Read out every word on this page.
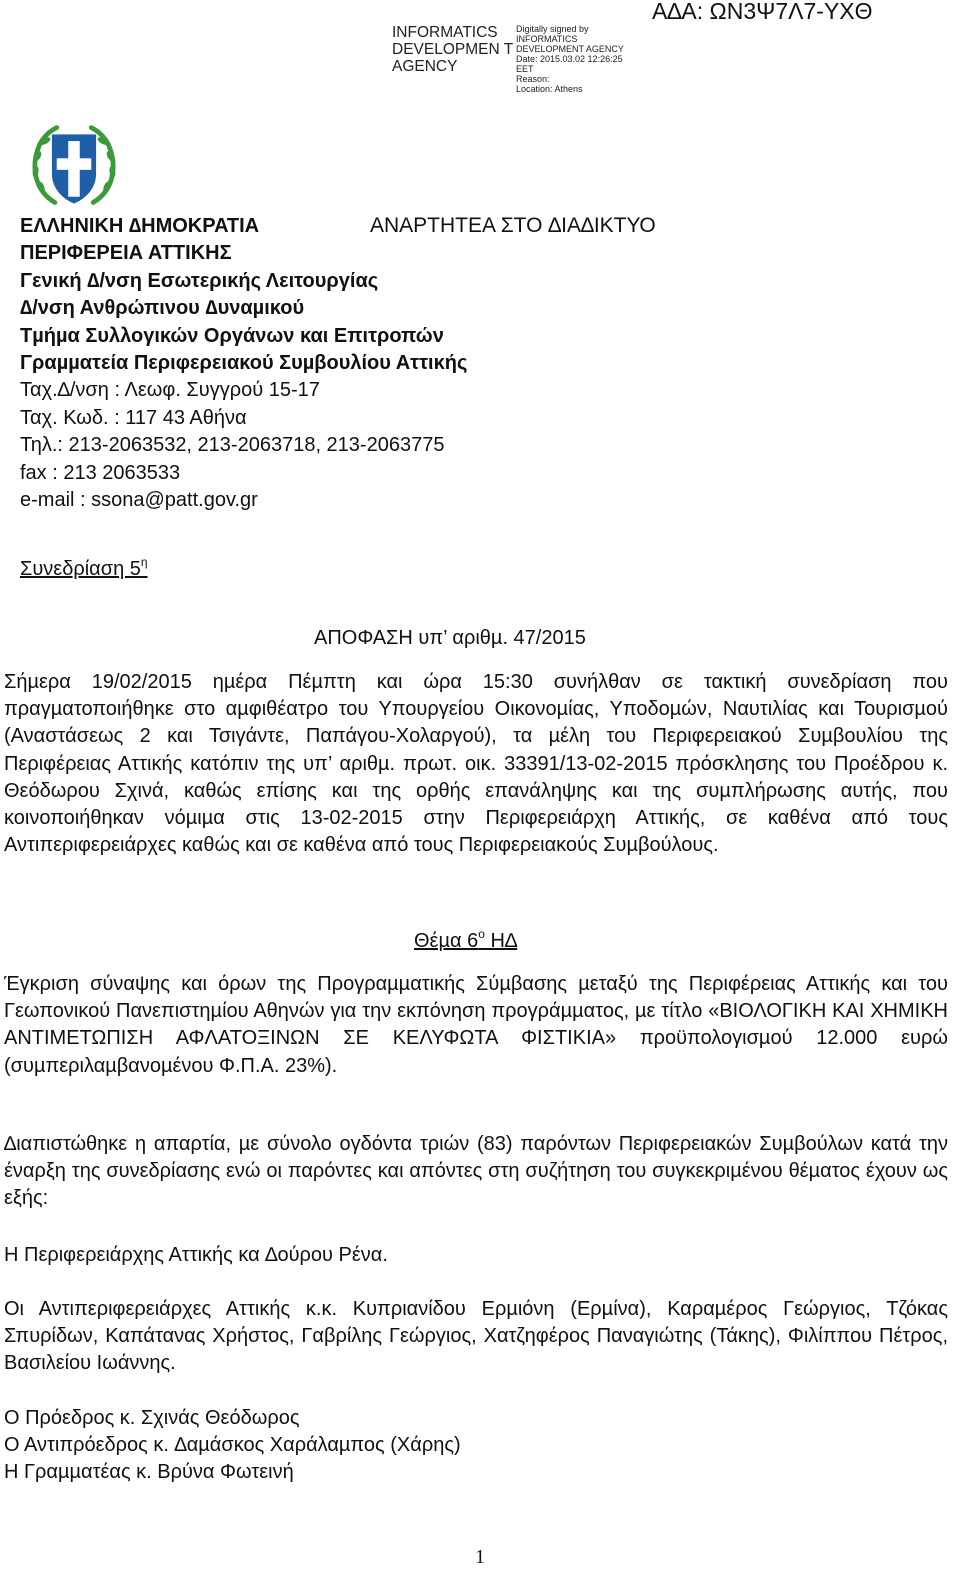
INFORMATICS DEVELOPMEN T AGENCY
Digitally signed by
INFORMATICS
DEVELOPMENT AGENCY
Date: 2015.03.02 12:26:25
EET
Reason:
Location: Athens
Α∆Α: ΩΝ3Ψ7Λ7-ΥΧΘ
ΕΛΛΗΝΙΚΗ ∆ΗΜΟΚΡΑΤΙΑ	ΑΝΑΡΤΗΤΕΑ ΣΤΟ ∆ΙΑ∆ΙΚΤΥΟ
ΠΕΡΙΦΕΡΕΙΑ ΑΤΤΙΚΗΣ
Γενική ∆/νση Εσωτερικής Λειτουργίας
∆/νση Ανθρώπινου ∆υναµικού
Τµήµα Συλλογικών Οργάνων και Επιτροπών
Γραµµατεία Περιφερειακού Συµβουλίου Αττικής
Ταχ.∆/νση : Λεωφ. Συγγρού 15-17
Ταχ. Κωδ. : 117 43 Αθήνα
Τηλ.: 213-2063532, 213-2063718, 213-2063775
fax : 213 2063533
e-mail : ssona@patt.gov.gr
Συνεδρίαση $5^\eta$
ΑΠΟΦΑΣΗ υπ’ αριθµ. 47/2015

Σήµερα 19/02/2015 ηµέρα Πέµπτη και ώρα 15:30 συνήλθαν σε τακτική συνεδρίαση που πραγµατοποιήθηκε στο αµφιθέατρο του Υπουργείου Οικονοµίας, Υποδοµών, Ναυτιλίας και Τουρισµού (Αναστάσεως 2 και Τσιγάντε, Παπάγου-Χολαργού), τα µέλη του Περιφερειακού Συµβουλίου της Περιφέρειας Αττικής κατόπιν της υπ’ αριθµ. πρωτ. οικ. 33391/13-02-2015 πρόσκλησης του Προέδρου κ. Θεόδωρου Σχινά, καθώς επίσης και της ορθής επανάληψης και της συµπλήρωσης αυτής, που κοινοποιήθηκαν νόµιµα στις 13-02-2015 στην Περιφερειάρχη Αττικής, σε καθένα από τους Αντιπεριφερειάρχες καθώς και σε καθένα από τους Περιφερειακούς Συµβούλους.

Θέµα $6^o$ Η∆

Έγκριση σύναψης και όρων της Προγραµµατικής Σύµβασης µεταξύ της Περιφέρειας Αττικής και του Γεωπονικού Πανεπιστηµίου Αθηνών για την εκπόνηση προγράµµατος, µε τίτλο «ΒΙΟΛΟΓΙΚΗ ΚΑΙ ΧΗΜΙΚΗ ΑΝΤΙΜΕΤΩΠΙΣΗ ΑΦΛΑΤΟΞΙΝΩΝ ΣΕ ΚΕΛΥΦΩΤΑ ΦΙΣΤΙΚΙΑ» προϋπολογισµού 12.000 ευρώ (συµπεριλαµβανοµένου Φ.Π.Α. 23%).

∆ιαπιστώθηκε η απαρτία, µε σύνολο ογδόντα τριών (83) παρόντων Περιφερειακών Συµβούλων κατά την έναρξη της συνεδρίασης ενώ οι παρόντες και απόντες στη συζήτηση του συγκεκριµένου θέµατος έχουν ως εξής:

Η Περιφερειάρχης Αττικής κα ∆ούρου Ρένα.

Οι Αντιπεριφερειάρχες Αττικής κ.κ. Κυπριανίδου Ερµιόνη (Ερµίνα), Καραµέρος Γεώργιος, Τζόκας Σπυρίδων, Καπάτανας Χρήστος, Γαβρίλης Γεώργιος, Χατζηφέρος Παναγιώτης (Τάκης), Φιλίππου Πέτρος, Βασιλείου Ιωάννης.

Ο Πρόεδρος κ. Σχινάς Θεόδωρος

Ο Αντιπρόεδρος κ. ∆αµάσκος Χαράλαµπος (Χάρης)

Η Γραµµατέας κ. Βρύνα Φωτεινή

1
